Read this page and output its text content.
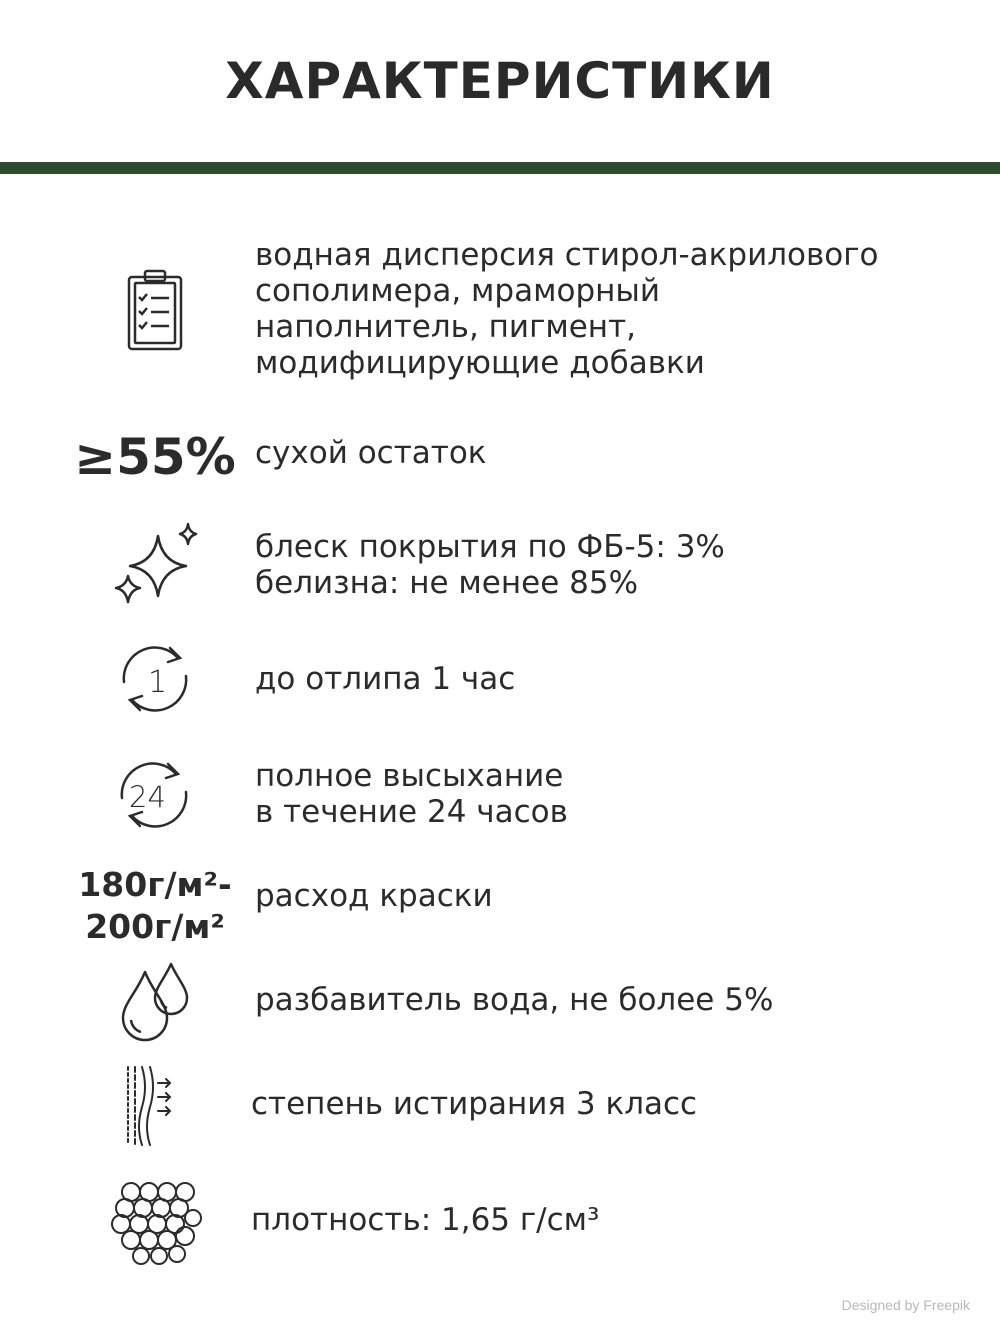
ХАРАКТЕРИСТИКИ
водная дисперсия стирол-акрилового
сополимера, мраморный
наполнитель, пигмент,
модифицирующие добавки
≥55% сухой остаток
блеск покрытия по ФБ-5: 3%
белизна: не менее 85%
1	до отлипа 1 час
24
полное высыхание
в течение 24 часов
180г/м²-
200г/м²
расход краски
разбавитель вода, не более 5%
степень истирания 3 класс
плотность: 1,65 г/см³
Designed by Freepik
